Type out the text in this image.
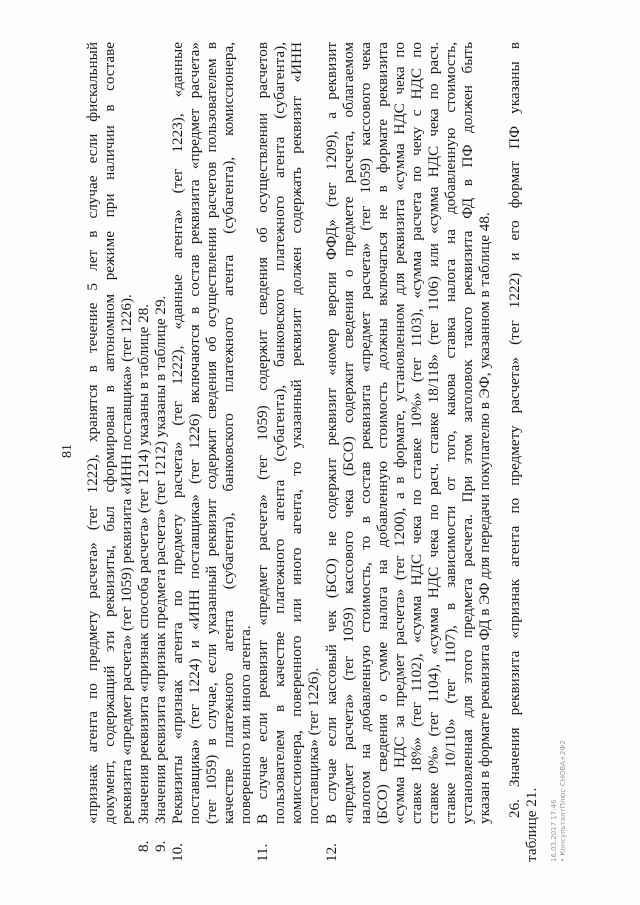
81 «признак агента по предмету расчета» (тег 1222), хранятся в течение 5 лет в случае если фискальный документ, содержащий эти реквизиты, был сформирован в автономном режиме при наличии в составе реквизита «предмет расчета» (тег 1059) реквизита «ИНН поставщика» (тег 1226).
8.
Значения реквизита «признак способа расчета» (тег 1214) указаны в таблице 28.
9.
Значения реквизита «признак предмета расчета» (тег 1212) указаны в таблице 29.
10.
Реквизиты «признак агента по предмету расчета» (тег 1222), «данные агента» (тег 1223), «данные поставщика» (тег 1224) и «ИНН поставщика» (тег 1226) включаются в состав реквизита «предмет расчета» (тег 1059) в случае, если указанный реквизит содержит сведения об осуществлении расчетов пользователем в качестве платежного агента (субагента), банковского платежного агента (субагента), комиссионера, поверенного или иного агента.
11.
В случае если реквизит «предмет расчета» (тег 1059) содержит сведения об осуществлении расчетов пользователем в качестве платежного агента (субагента), банковского платежного агента (субагента), комиссионера, поверенного или иного агента, то указанный реквизит должен содержать реквизит «ИНН поставщика» (тег 1226).
12.
В случае если кассовый чек (БСО) не содержит реквизит «номер версии ФФД» (тег 1209), а реквизит «предмет расчета» (тег 1059) кассового чека (БСО) содержит сведения о предмете расчета, облагаемом налогом на добавленную стоимость, то в состав реквизита «предмет расчета» (тег 1059) кассового чека (БСО) сведения о сумме налога на добавленную стоимость должны включаться не в формате реквизита «сумма НДС за предмет расчета» (тег 1200), а в формате, установленном для реквизита «сумма НДС чека по ставке 18%» (тег 1102), «сумма НДС чека по ставке 10%» (тег 1103), «сумма расчета по чеку с НДС по ставке 0%» (тег 1104), «сумма НДС чека по расч. ставке 18/118» (тег 1106) или «сумма НДС чека по расч. ставке 10/110» (тег 1107), в зависимости от того, какова ставка налога на добавленную стоимость, установленная для этого предмета расчета. При этом заголовок такого реквизита ФД в ПФ должен быть указан в формате реквизита ФД в ЭФ для передачи покупателю в ЭФ, указанном в таблице 48. 26. Значения реквизита «признак агента по предмету расчета» (тег 1222) и его формат ПФ указаны в
таблице 21. 16.03.2017 17:46 • КонсультантПлюс-СНОВА+2Ф2
